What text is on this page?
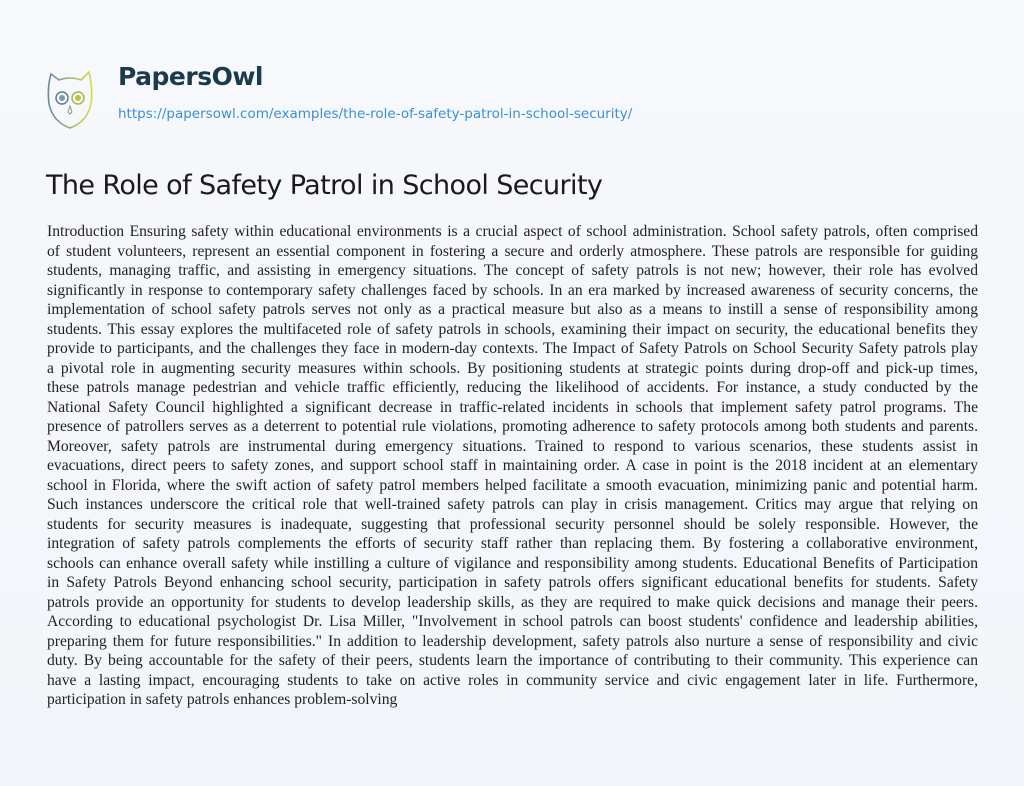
PapersOwl
https://papersowl.com/examples/the-role-of-safety-patrol-in-school-security/
The Role of Safety Patrol in School Security
Introduction Ensuring safety within educational environments is a crucial aspect of school administration. School safety patrols, often comprised
of student volunteers, represent an essential component in fostering a secure and orderly atmosphere. These patrols are responsible for guiding
students, managing traffic, and assisting in emergency situations. The concept of safety patrols is not new; however, their role has evolved
significantly in response to contemporary safety challenges faced by schools. In an era marked by increased awareness of security concerns, the
implementation of school safety patrols serves not only as a practical measure but also as a means to instill a sense of responsibility among
students. This essay explores the multifaceted role of safety patrols in schools, examining their impact on security, the educational benefits they
provide to participants, and the challenges they face in modern-day contexts. The Impact of Safety Patrols on School Security Safety patrols play
a pivotal role in augmenting security measures within schools. By positioning students at strategic points during drop-off and pick-up times,
these patrols manage pedestrian and vehicle traffic efficiently, reducing the likelihood of accidents. For instance, a study conducted by the
National Safety Council highlighted a significant decrease in traffic-related incidents in schools that implement safety patrol programs. The
presence of patrollers serves as a deterrent to potential rule violations, promoting adherence to safety protocols among both students and parents.
Moreover, safety patrols are instrumental during emergency situations. Trained to respond to various scenarios, these students assist in
evacuations, direct peers to safety zones, and support school staff in maintaining order. A case in point is the 2018 incident at an elementary
school in Florida, where the swift action of safety patrol members helped facilitate a smooth evacuation, minimizing panic and potential harm.
Such instances underscore the critical role that well-trained safety patrols can play in crisis management. Critics may argue that relying on
students for security measures is inadequate, suggesting that professional security personnel should be solely responsible. However, the
integration of safety patrols complements the efforts of security staff rather than replacing them. By fostering a collaborative environment,
schools can enhance overall safety while instilling a culture of vigilance and responsibility among students. Educational Benefits of Participation
in Safety Patrols Beyond enhancing school security, participation in safety patrols offers significant educational benefits for students. Safety
patrols provide an opportunity for students to develop leadership skills, as they are required to make quick decisions and manage their peers.
According to educational psychologist Dr. Lisa Miller, "Involvement in school patrols can boost students' confidence and leadership abilities,
preparing them for future responsibilities." In addition to leadership development, safety patrols also nurture a sense of responsibility and civic
duty. By being accountable for the safety of their peers, students learn the importance of contributing to their community. This experience can
have a lasting impact, encouraging students to take on active roles in community service and civic engagement later in life. Furthermore,
participation in safety patrols enhances problem-solving
